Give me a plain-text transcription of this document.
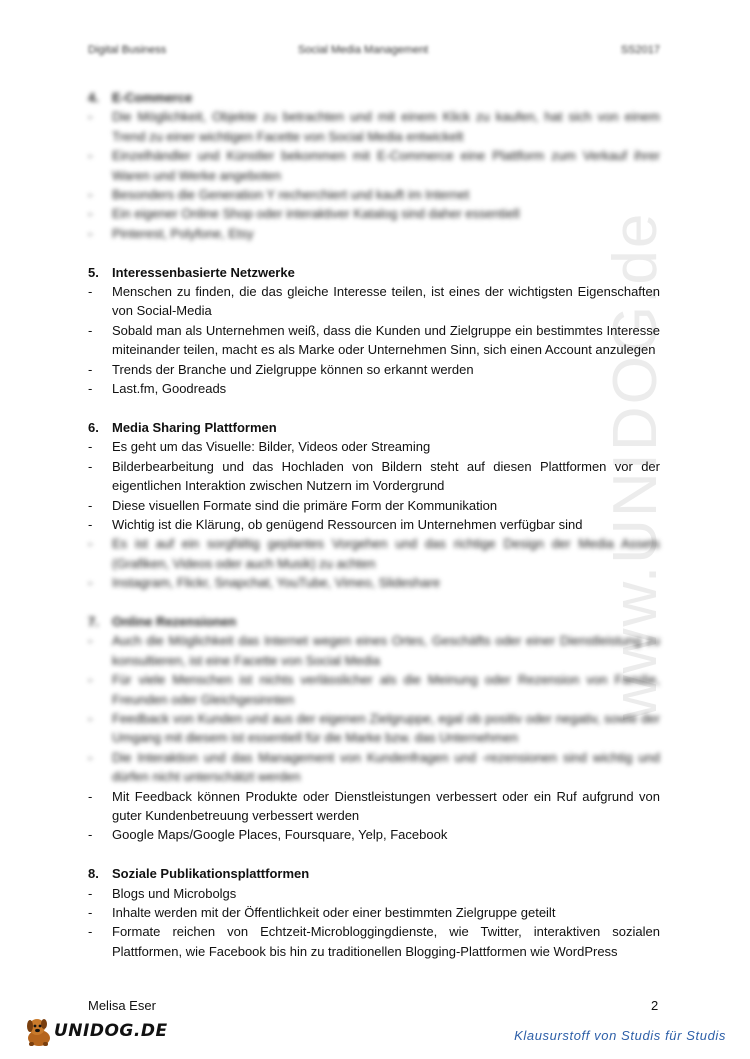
Digital Business	Social Media Management	SS2017
www.UNIDOG.de
4.	E-Commerce
-	Die Möglichkeit, Objekte zu betrachten und mit einem Klick zu kaufen, hat sich von einem Trend zu einer wichtigen Facette von Social Media entwickelt
-	Einzelhändler und Künstler bekommen mit E-Commerce eine Plattform zum Verkauf ihrer Waren und Werke angeboten
-	Besonders die Generation Y recherchiert und kauft im Internet
-	Ein eigener Online Shop oder interaktiver Katalog sind daher essentiell
-	Pinterest, Polyfone, Etsy
5.	Interessenbasierte Netzwerke
-	Menschen zu finden, die das gleiche Interesse teilen, ist eines der wichtigsten Eigenschaften von Social-Media
-	Sobald man als Unternehmen weiß, dass die Kunden und Zielgruppe ein bestimmtes Interesse miteinander teilen, macht es als Marke oder Unternehmen Sinn, sich einen Account anzulegen
-	Trends der Branche und Zielgruppe können so erkannt werden
-	Last.fm, Goodreads
6.	Media Sharing Plattformen
-	Es geht um das Visuelle: Bilder, Videos oder Streaming
-	Bilderbearbeitung und das Hochladen von Bildern steht auf diesen Plattformen vor der eigentlichen Interaktion zwischen Nutzern im Vordergrund
-	Diese visuellen Formate sind die primäre Form der Kommunikation
-	Wichtig ist die Klärung, ob genügend Ressourcen im Unternehmen verfügbar sind
-	Es ist auf ein sorgfältig geplantes Vorgehen und das richtige Design der Media Assets (Grafiken, Videos oder auch Musik) zu achten
-	Instagram, Flickr, Snapchat, YouTube, Vimeo, Slideshare
7.	Online Rezensionen
-	Auch die Möglichkeit das Internet wegen eines Ortes, Geschäfts oder einer Dienstleistung zu konsultieren, ist eine Facette von Social Media
-	Für viele Menschen ist nichts verlässlicher als die Meinung oder Rezension von Familie, Freunden oder Gleichgesinnten
-	Feedback von Kunden und aus der eigenen Zielgruppe, egal ob positiv oder negativ, sowie der Umgang mit diesem ist essentiell für die Marke bzw. das Unternehmen
-	Die Interaktion und das Management von Kundenfragen und -rezensionen sind wichtig und dürfen nicht unterschätzt werden
-	Mit Feedback können Produkte oder Dienstleistungen verbessert oder ein Ruf aufgrund von guter Kundenbetreuung verbessert werden
-	Google Maps/Google Places, Foursquare, Yelp, Facebook
8.	Soziale Publikationsplattformen
-	Blogs und Microbolgs
-	Inhalte werden mit der Öffentlichkeit oder einer bestimmten Zielgruppe geteilt
-	Formate reichen von Echtzeit-Microbloggingdienste, wie Twitter, interaktiven sozialen Plattformen, wie Facebook bis hin zu traditionellen Blogging-Plattformen wie WordPress
Melisa Eser	2
UNIDOG.DE	Klausurstoff von Studis für Studis
